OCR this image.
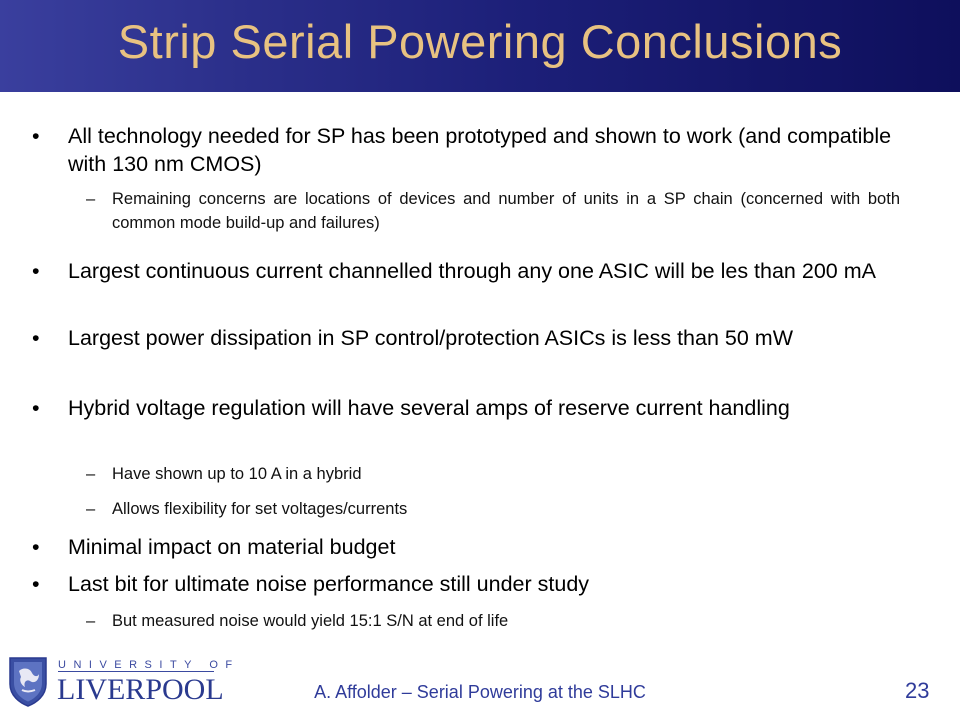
Strip Serial Powering Conclusions
• All technology needed for SP has been prototyped and shown to work (and compatible with 130 nm CMOS)
– Remaining concerns are locations of devices and number of units in a SP chain (concerned with both common mode build-up and failures)
• Largest continuous current channelled through any one ASIC will be les than 200 mA
• Largest power dissipation in SP control/protection ASICs is less than 50 mW
• Hybrid voltage regulation will have several amps of reserve current handling
– Have shown up to 10 A in a hybrid
– Allows flexibility for set voltages/currents
• Minimal impact on material budget
• Last bit for ultimate noise performance still under study
– But measured noise would yield 15:1 S/N at end of life
UNIVERSITY OF
LIVERPOOL	A. Affolder – Serial Powering at the SLHC	23
